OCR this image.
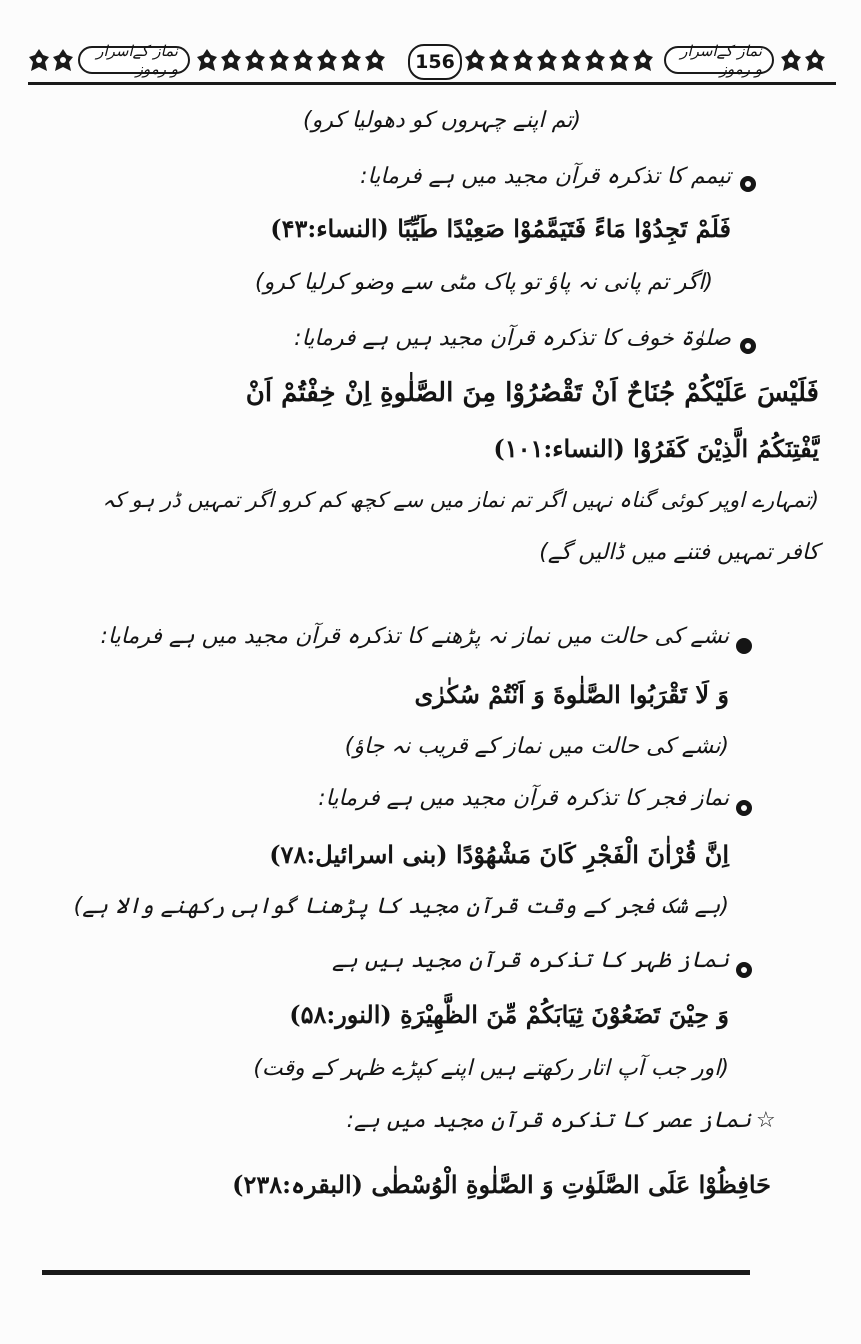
نماز کےاسرار و رموز	156	نماز کےاسرار و رموز
(تم اپنے چہروں کو دھولیا کرو)
تیمم کا تذکرہ قرآن مجید میں ہے فرمایا:
فَلَمْ تَجِدُوْا مَاءً فَتَيَمَّمُوْا صَعِيْدًا طَيِّبًا (النساء:۴۳)
(اگر تم پانی نہ پاؤ تو پاک مٹی سے وضو کرلیا کرو)
صلوٰۃ خوف کا تذکرہ قرآن مجید ہیں ہے فرمایا:
فَلَيْسَ عَلَيْكُمْ جُنَاحٌ اَنْ تَقْصُرُوْا مِنَ الصَّلٰوةِ اِنْ خِفْتُمْ اَنْ
يَّفْتِنَكُمُ الَّذِيْنَ كَفَرُوْا (النساء:۱۰۱)
(تمہارے اوپر کوئی گناہ نہیں اگر تم نماز میں سے کچھ کم کرو اگر تمہیں ڈر ہو کہ
کافر تمہیں فتنے میں ڈالیں گے)
نشے کی حالت میں نماز نہ پڑھنے کا تذکرہ قرآن مجید میں ہے فرمایا:
وَ لَا تَقْرَبُوا الصَّلٰوةَ وَ اَنْتُمْ سُكٰرٰى
(نشے کی حالت میں نماز کے قریب نہ جاؤ)
نماز فجر کا تذکرہ قرآن مجید میں ہے فرمایا:
اِنَّ قُرْاٰنَ الْفَجْرِ كَانَ مَشْهُوْدًا (بنی اسرائیل:۷۸)
(بے شک فجر کے وقت قرآن مجید کا پڑھنا گواہی رکھنے والا ہے)
نماز ظہر کا تذکرہ قرآن مجید ہیں ہے
وَ حِيْنَ تَضَعُوْنَ ثِيَابَكُمْ مِّنَ الظَّهِيْرَةِ (النور:۵۸)
(اور جب آپ اتار رکھتے ہیں اپنے کپڑے ظہر کے وقت)
☆
نماز عصر کا تذکرہ قرآن مجید میں ہے:
حَافِظُوْا عَلَى الصَّلَوٰتِ وَ الصَّلٰوةِ الْوُسْطٰى (البقرہ:۲۳۸)
